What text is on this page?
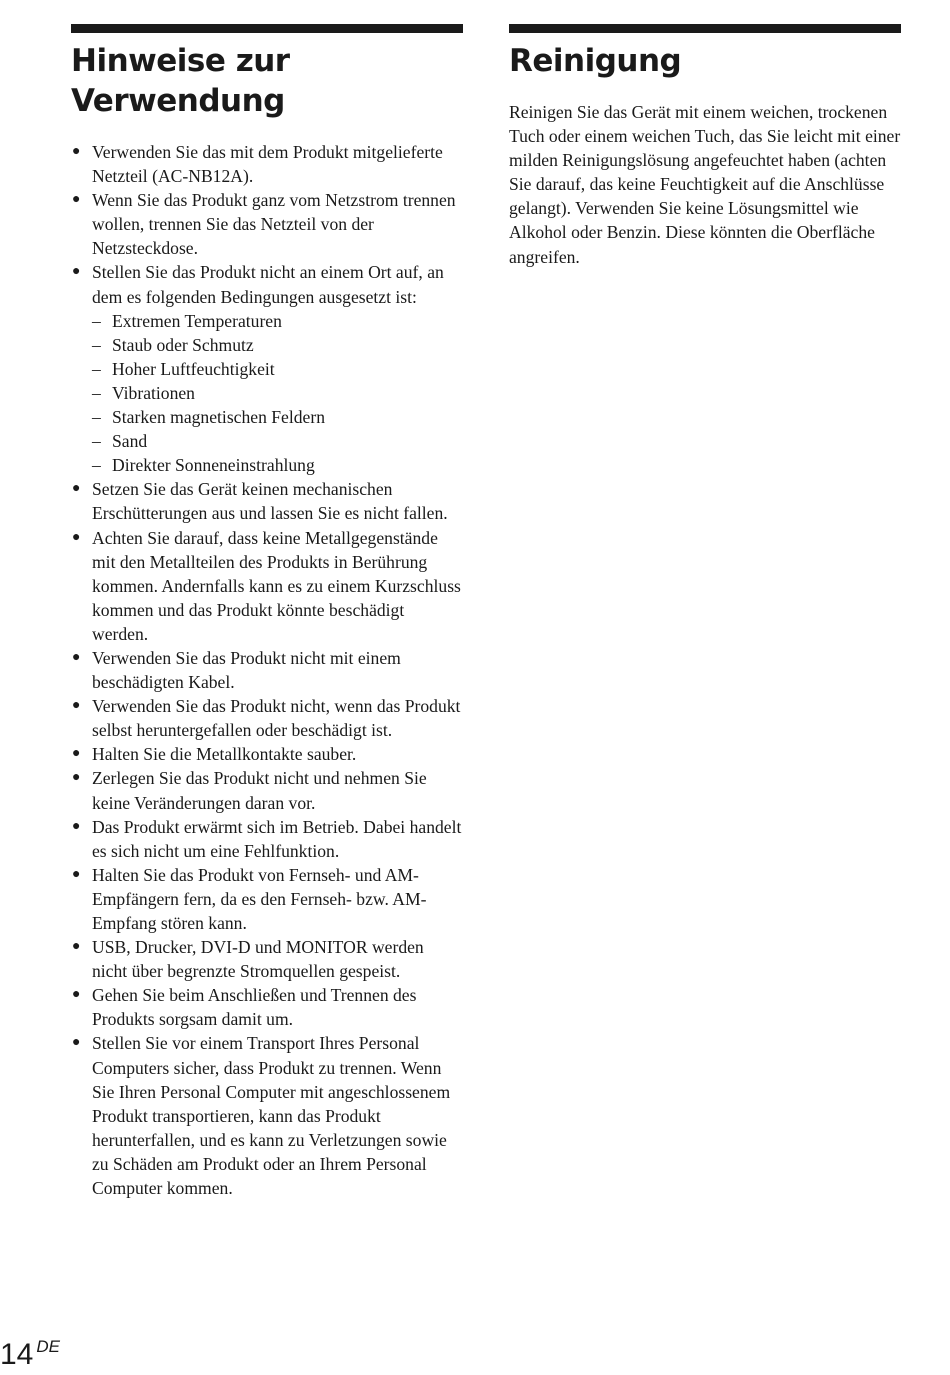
Hinweise zur Verwendung
● Verwenden Sie das mit dem Produkt mitgelieferte Netzteil (AC-NB12A).
● Wenn Sie das Produkt ganz vom Netzstrom trennen wollen, trennen Sie das Netzteil von der Netzsteckdose.
● Stellen Sie das Produkt nicht an einem Ort auf, an dem es folgenden Bedingungen ausgesetzt ist:
– Extremen Temperaturen
– Staub oder Schmutz
– Hoher Luftfeuchtigkeit
– Vibrationen
– Starken magnetischen Feldern
– Sand
– Direkter Sonneneinstrahlung
● Setzen Sie das Gerät keinen mechanischen Erschütterungen aus und lassen Sie es nicht fallen.
● Achten Sie darauf, dass keine Metallgegenstände mit den Metallteilen des Produkts in Berührung kommen. Andernfalls kann es zu einem Kurzschluss kommen und das Produkt könnte beschädigt werden.
● Verwenden Sie das Produkt nicht mit einem beschädigten Kabel.
● Verwenden Sie das Produkt nicht, wenn das Produkt selbst heruntergefallen oder beschädigt ist.
● Halten Sie die Metallkontakte sauber.
● Zerlegen Sie das Produkt nicht und nehmen Sie keine Veränderungen daran vor.
● Das Produkt erwärmt sich im Betrieb. Dabei handelt es sich nicht um eine Fehlfunktion.
● Halten Sie das Produkt von Fernseh- und AM-Empfängern fern, da es den Fernseh- bzw. AM-Empfang stören kann.
● USB, Drucker, DVI-D und MONITOR werden nicht über begrenzte Stromquellen gespeist.
● Gehen Sie beim Anschließen und Trennen des Produkts sorgsam damit um.
● Stellen Sie vor einem Transport Ihres Personal Computers sicher, dass Produkt zu trennen. Wenn Sie Ihren Personal Computer mit angeschlossenem Produkt transportieren, kann das Produkt herunterfallen, und es kann zu Verletzungen sowie zu Schäden am Produkt oder an Ihrem Personal Computer kommen.
Reinigung

Reinigen Sie das Gerät mit einem weichen, trockenen Tuch oder einem weichen Tuch, das Sie leicht mit einer milden Reinigungslösung angefeuchtet haben (achten Sie darauf, das keine Feuchtigkeit auf die Anschlüsse gelangt). Verwenden Sie keine Lösungsmittel wie Alkohol oder Benzin. Diese könnten die Oberfläche angreifen.

14 DE
